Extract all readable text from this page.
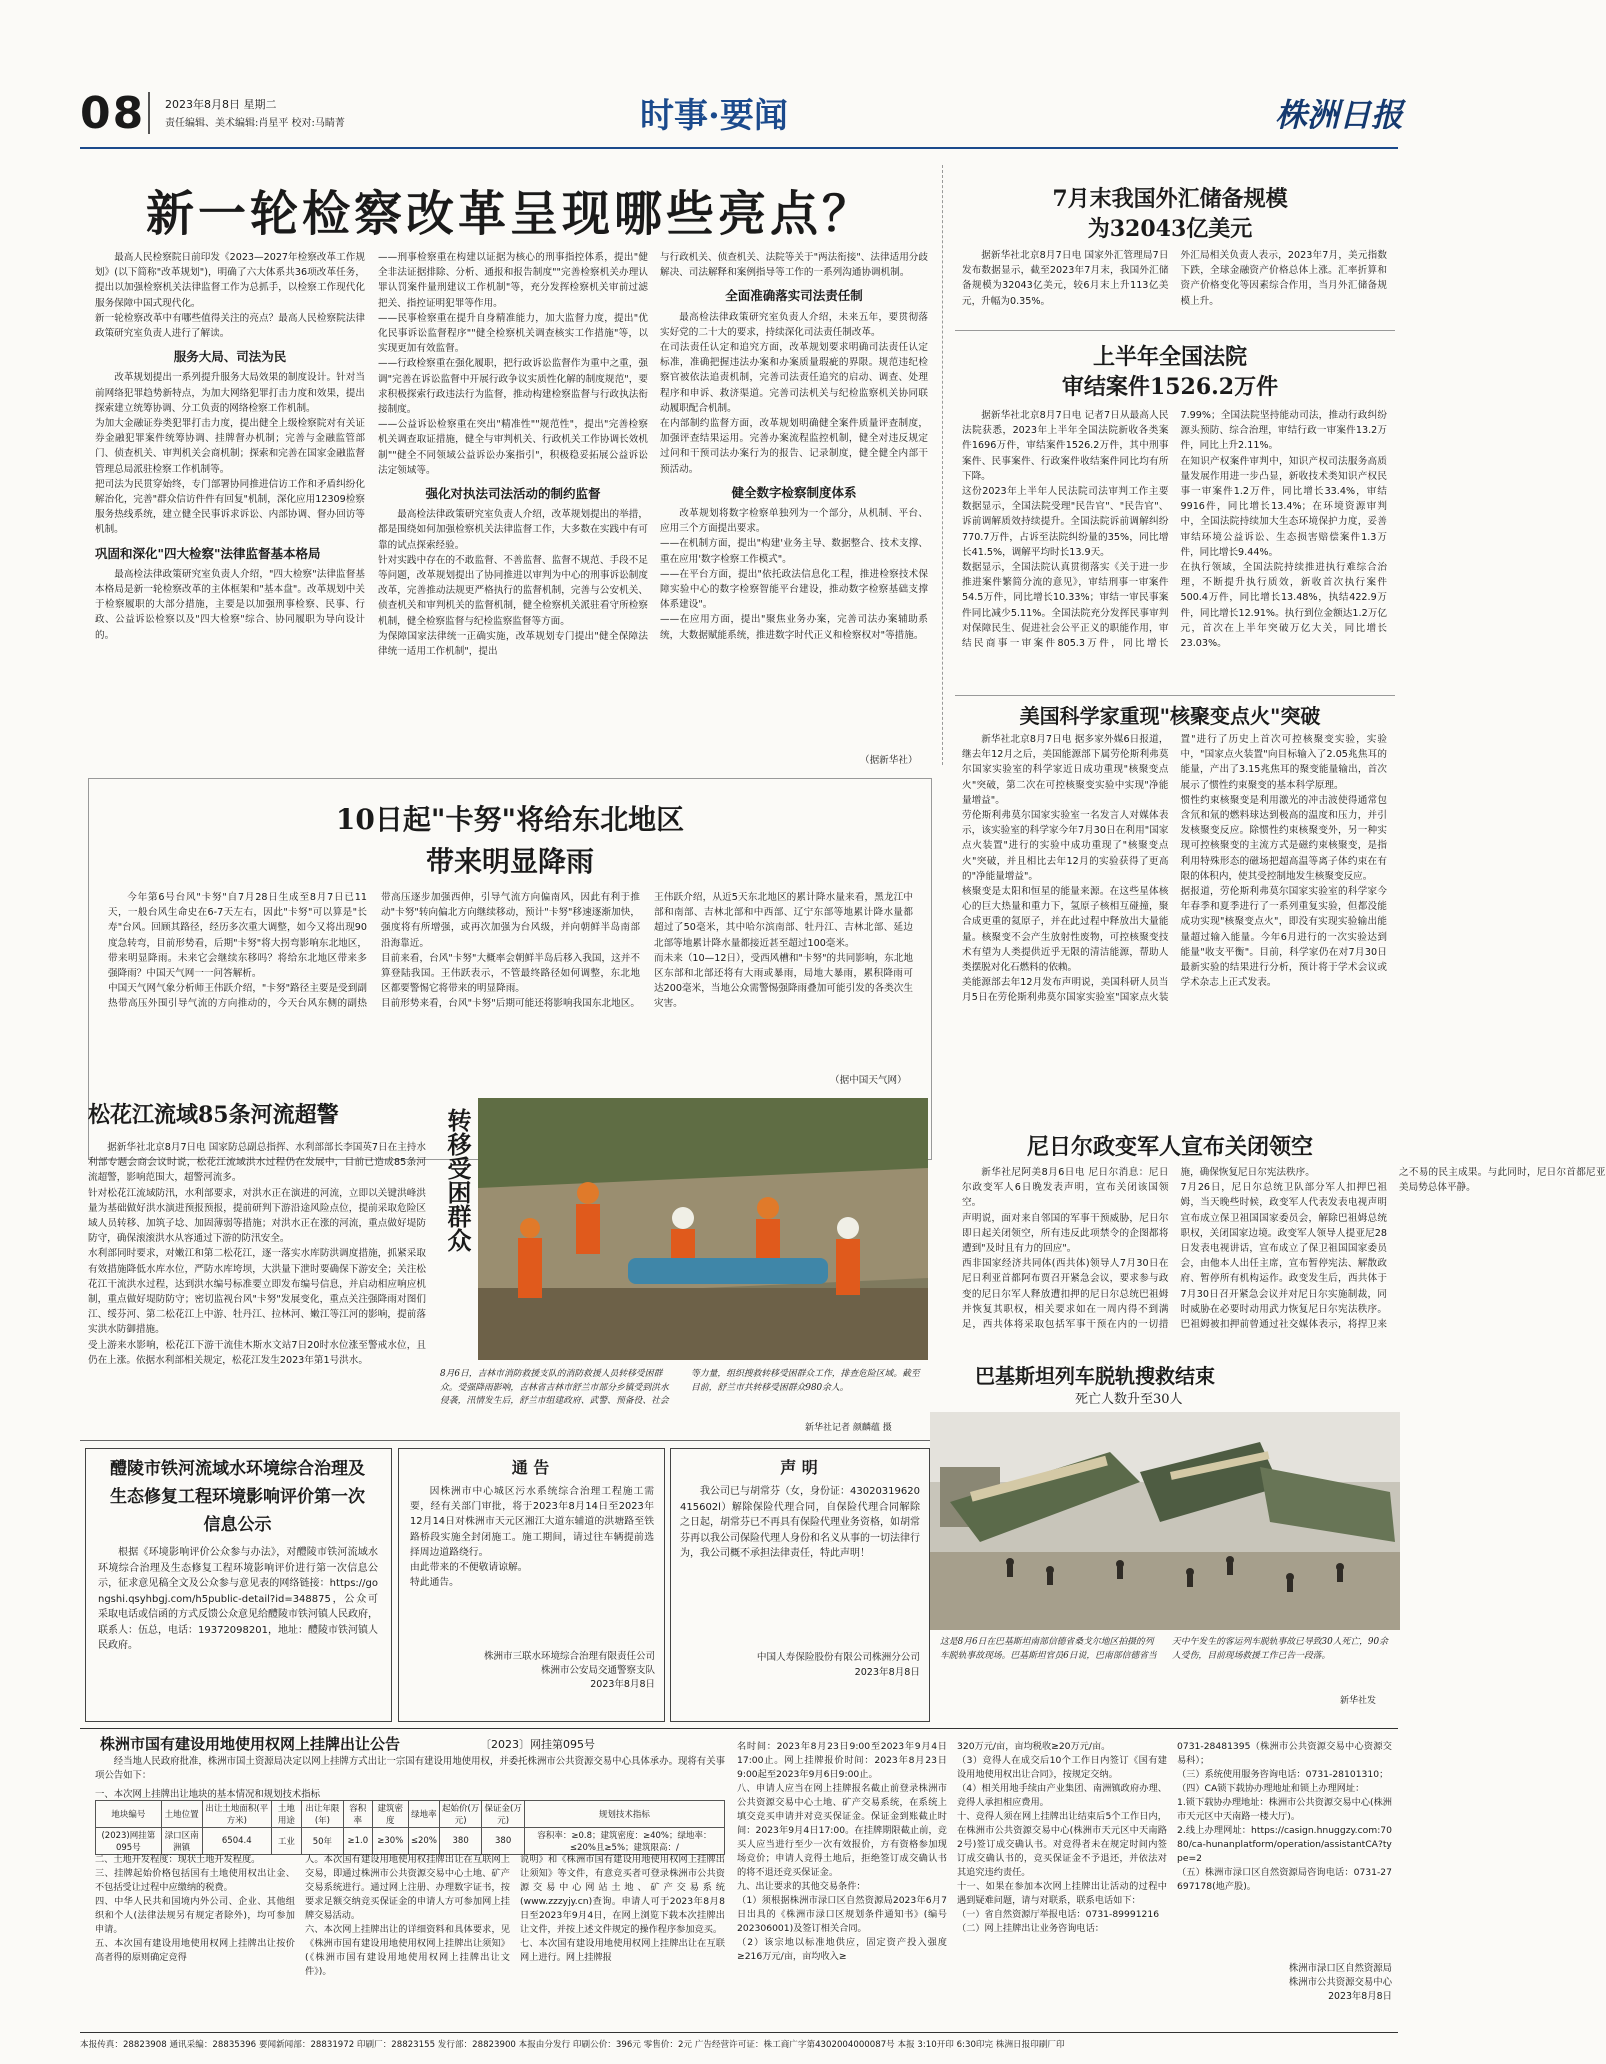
08 2023年8月8日 星期二
责任编辑、美术编辑:肖星平 校对:马睛菁	时事·要闻	株洲日报
新一轮检察改革呈现哪些亮点？
最高人民检察院日前印发《2023—2027年检察改革工作规划》(以下简称"改革规划")，明确了六大体系共36项改革任务，提出以加强检察机关法律监督工作为总抓手，以检察工作现代化服务保障中国式现代化。
新一轮检察改革中有哪些值得关注的亮点？最高人民检察院法律政策研究室负责人进行了解读。
服务大局、司法为民
改革规划提出一系列提升服务大局效果的制度设计。针对当前网络犯罪趋势新特点，为加大网络犯罪打击力度和效果，提出探索建立统筹协调、分工负责的网络检察工作机制。
为加大金融证券类犯罪打击力度，提出健全上级检察院对有关证券金融犯罪案件统筹协调、挂牌督办机制；完善与金融监管部门、侦查机关、审判机关会商机制；探索和完善在国家金融监督管理总局派驻检察工作机制等。
把司法为民贯穿始终，专门部署协同推进信访工作和矛盾纠纷化解治化，完善"群众信访件件有回复"机制，深化应用12309检察服务热线系统，建立健全民事诉求诉讼、内部协调、督办回访等机制。
巩固和深化"四大检察"法律监督基本格局
最高检法律政策研究室负责人介绍，"四大检察"法律监督基本格局是新一轮检察改革的主体框架和"基本盘"。改革规划中关于检察履职的大部分措施，主要是以加强刑事检察、民事、行政、公益诉讼检察以及"四大检察"综合、协同履职为导向设计的。
——刑事检察重在构建以证据为核心的刑事指控体系，提出"健全非法证据排除、分析、通报和报告制度""完善检察机关办理认罪认罚案件量刑建议工作机制"等，充分发挥检察机关审前过滤把关、指控证明犯罪等作用。
——民事检察重在提升自身精准能力，加大监督力度，提出"优化民事诉讼监督程序""健全检察机关调查核实工作措施"等，以实现更加有效监督。
——行政检察重在强化履职，把行政诉讼监督作为重中之重，强调"完善在诉讼监督中开展行政争议实质性化解的制度规范"，要求积极探索行政违法行为监督，推动构建检察监督与行政执法衔接制度。
——公益诉讼检察重在突出"精准性""规范性"，提出"完善检察机关调查取证措施，健全与审判机关、行政机关工作协调长效机制""健全不同领域公益诉讼办案指引"，积极稳妥拓展公益诉讼法定领域等。
强化对执法司法活动的制约监督
最高检法律政策研究室负责人介绍，改革规划提出的举措，都是围绕如何加强检察机关法律监督工作，大多数在实践中有可靠的试点探索经验。
针对实践中存在的不敢监督、不善监督、监督不规范、手段不足等问题，改革规划提出了协同推进以审判为中心的刑事诉讼制度改革，完善推动法规更严格执行的监督机制，完善与公安机关、侦查机关和审判机关的监督机制，健全检察机关派驻看守所检察机制，健全检察监督与纪检监察监督等方面。
为保障国家法律统一正确实施，改革规划专门提出"健全保障法律统一适用工作机制"，提出
与行政机关、侦查机关、法院等关于"两法衔接"、法律适用分歧解决、司法解释和案例指导等工作的一系列沟通协调机制。
全面准确落实司法责任制
最高检法律政策研究室负责人介绍，未来五年，要贯彻落实好党的二十大的要求，持续深化司法责任制改革。
在司法责任认定和追究方面，改革规划要求明确司法责任认定标准，准确把握违法办案和办案质量瑕疵的界限。规范违纪检察官被依法追责机制，完善司法责任追究的启动、调查、处理程序和申诉、救济渠道。完善司法机关与纪检监察机关协同联动履职配合机制。
在内部制约监督方面，改革规划明确健全案件质量评查制度，加强评查结果运用。完善办案流程监控机制，健全对违反规定过问和干预司法办案行为的报告、记录制度，健全健全内部干预活动。
健全数字检察制度体系
改革规划将数字检察单独列为一个部分，从机制、平台、应用三个方面提出要求。
——在机制方面，提出"构建'业务主导、数据整合、技术支撑、重在应用'数字检察工作模式"。
——在平台方面，提出"依托政法信息化工程，推进检察技术保障实验中心的数字检察智能平台建设，推动数字检察基础支撑体系建设"。
——在应用方面，提出"聚焦业务办案，完善司法办案辅助系统，大数据赋能系统，推进数字时代正义和检察权对"等措施。
（据新华社）
7月末我国外汇储备规模
为32043亿美元
据新华社北京8月7日电 国家外汇管理局7日发布数据显示，截至2023年7月末，我国外汇储备规模为32043亿美元，较6月末上升113亿美元，升幅为0.35%。
外汇局相关负责人表示，2023年7月，美元指数下跌，全球金融资产价格总体上涨。汇率折算和资产价格变化等因素综合作用，当月外汇储备规模上升。
上半年全国法院
审结案件1526.2万件
据新华社北京8月7日电 记者7日从最高人民法院获悉，2023年上半年全国法院新收各类案件1696万件，审结案件1526.2万件，其中刑事案件、民事案件、行政案件收结案件同比均有所下降。
这份2023年上半年人民法院司法审判工作主要数据显示，全国法院受理"民告官"、"民告官"、诉前调解质效持续提升。全国法院诉前调解纠纷770.7万件，占诉至法院纠纷量的35%，同比增长41.5%，调解平均时长13.9天。
数据显示，全国法院认真贯彻落实《关于进一步推进案件繁简分流的意见》，审结刑事一审案件54.5万件，同比增长10.33%；审结一审民事案件同比减少5.11%。全国法院充分发挥民事审判对保障民生、促进社会公平正义的职能作用，审结民商事一审案件805.3万件，同比增长7.99%；全国法院坚持能动司法，推动行政纠纷源头预防、综合治理，审结行政一审案件13.2万件，同比上升2.11%。
在知识产权案件审判中，知识产权司法服务高质量发展作用进一步凸显，新收技术类知识产权民事一审案件1.2万件，同比增长33.4%，审结9916件，同比增长13.4%；在环境资源审判中，全国法院持续加大生态环境保护力度，妥善审结环境公益诉讼、生态损害赔偿案件1.3万件，同比增长9.44%。
在执行领域，全国法院持续推进执行难综合治理，不断提升执行质效，新收首次执行案件500.4万件，同比增长13.48%，执结422.9万件，同比增长12.91%。执行到位金额达1.2万亿元，首次在上半年突破万亿大关，同比增长23.03%。
美国科学家重现"核聚变点火"突破
新华社北京8月7日电 据多家外媒6日报道，继去年12月之后，美国能源部下属劳伦斯利弗莫尔国家实验室的科学家近日成功重现"核聚变点火"突破，第二次在可控核聚变实验中实现"净能量增益"。
劳伦斯利弗莫尔国家实验室一名发言人对媒体表示，该实验室的科学家今年7月30日在利用"国家点火装置"进行的实验中成功重现了"核聚变点火"突破，并且相比去年12月的实验获得了更高的"净能量增益"。
核聚变是太阳和恒星的能量来源。在这些星体核心的巨大热量和重力下，氢原子核相互碰撞，聚合成更重的氦原子，并在此过程中释放出大量能量。核聚变不会产生放射性废物，可控核聚变技术有望为人类提供近乎无限的清洁能源，帮助人类摆脱对化石燃料的依赖。
美能源部去年12月发布声明说，美国科研人员当月5日在劳伦斯利弗莫尔国家实验室"国家点火装置"进行了历史上首次可控核聚变实验，实验中，"国家点火装置"向目标输入了2.05兆焦耳的能量，产出了3.15兆焦耳的聚变能量输出，首次展示了惯性约束聚变的基本科学原理。
惯性约束核聚变是利用激光的冲击波使得通常包含氘和氚的燃料球达到极高的温度和压力，并引发核聚变反应。除惯性约束核聚变外，另一种实现可控核聚变的主流方式是磁约束核聚变，是指利用特殊形态的磁场把超高温等离子体约束在有限的体积内，使其受控制地发生核聚变反应。
据报道，劳伦斯利弗莫尔国家实验室的科学家今年春季和夏季进行了一系列重复实验，但都没能成功实现"核聚变点火"，即没有实现实验输出能量超过输入能量。今年6月进行的一次实验达到能量"收支平衡"。目前，科学家仍在对7月30日最新实验的结果进行分析，预计将于学术会议或学术杂志上正式发表。
尼日尔政变军人宣布关闭领空
新华社尼阿美8月6日电 尼日尔消息：尼日尔政变军人6日晚发表声明，宣布关闭该国领空。
声明说，面对来自邻国的军事干预威胁，尼日尔即日起关闭领空，所有违反此项禁令的企图都将遭到"及时且有力的回应"。
西非国家经济共同体(西共体)领导人7月30日在尼日利亚首都阿布贾召开紧急会议，要求参与政变的尼日尔军人释放遭扣押的尼日尔总统巴祖姆并恢复其职权，相关要求如在一周内得不到满足，西共体将采取包括军事干预在内的一切措施，确保恢复尼日尔宪法秩序。
7月26日，尼日尔总统卫队部分军人扣押巴祖姆，当天晚些时候，政变军人代表发表电视声明宣布成立保卫祖国国家委员会，解除巴祖姆总统职权，关闭国家边境。政变军人领导人提亚尼28日发表电视讲话，宣布成立了保卫祖国国家委员会，由他本人出任主席，宣布暂停宪法、解散政府、暂停所有机构运作。政变发生后，西共体于7月30日召开紧急会议并对尼日尔实施制裁，同时威胁在必要时动用武力恢复尼日尔宪法秩序。巴祖姆被扣押前曾通过社交媒体表示，将捍卫来之不易的民主成果。与此同时，尼日尔首都尼亚美局势总体平静。
巴基斯坦列车脱轨搜救结束
死亡人数升至30人
这是8月6日在巴基斯坦南部信德省桑戈尔地区拍摄的列车脱轨事故现场。巴基斯坦官员6日说，巴南部信德省当天中午发生的客运列车脱轨事故已导致30人死亡，90余人受伤，目前现场救援工作已告一段落。
新华社发
10日起"卡努"将给东北地区
带来明显降雨
今年第6号台风"卡努"自7月28日生成至8月7日已11天，一般台风生命史在6-7天左右，因此"卡努"可以算是"长寿"台风。回顾其路径，经历多次重大调整，如今又将出现90度急转弯，目前形势看，后期"卡努"将大拐弯影响东北地区，带来明显降雨。未来它会继续东移吗？将给东北地区带来多强降雨？中国天气网一一问答解析。
中国天气网气象分析师王伟跃介绍，"卡努"路径主要是受到副热带高压外围引导气流的方向推动的，今天台风东侧的副热带高压逐步加强西伸，引导气流方向偏南风，因此有利于推动"卡努"转向偏北方向继续移动，预计"卡努"移速逐渐加快，强度将有所增强，或再次加强为台风级，并向朝鲜半岛南部沿海靠近。
目前来看，台风"卡努"大概率会朝鲜半岛后移入我国，这并不算登陆我国。王伟跃表示，不管最终路径如何调整，东北地区都要警惕它将带来的明显降雨。
目前形势来看，台风"卡努"后期可能还将影响我国东北地区。王伟跃介绍，从近5天东北地区的累计降水量来看，黑龙江中部和南部、吉林北部和中西部、辽宁东部等地累计降水量都超过了50毫米，其中哈尔滨南部、牡丹江、吉林北部、延边北部等地累计降水量都接近甚至超过100毫米。
而未来（10—12日），受西风槽和"卡努"的共同影响，东北地区东部和北部还将有大雨或暴雨，局地大暴雨，累积降雨可达200毫米，当地公众需警惕强降雨叠加可能引发的各类次生灾害。
（据中国天气网）
松花江流域85条河流超警
据新华社北京8月7日电 国家防总副总指挥、水利部部长李国英7日在主持水利部专题会商会议时说，松花江流域洪水过程仍在发展中，目前已造成85条河流超警，影响范围大，超警河流多。
针对松花江流域防汛，水利部要求，对洪水正在演进的河流，立即以关键洪峰洪量为基础做好洪水演进预报预报，提前研判下游沿途风险点位，提前采取危险区域人员转移、加筑子埝、加固薄弱等措施；对洪水正在涨的河流，重点做好堤防防守，确保滚滚洪水从容通过下游的防汛安全。
水利部同时要求，对嫩江和第二松花江，逐一落实水库防洪调度措施，抓紧采取有效措施降低水库水位，严防水库垮坝，大洪量下泄时要确保下游安全；关注松花江干流洪水过程，达到洪水编号标准要立即发布编号信息，并启动相应响应机制，重点做好堤防防守；密切监视台风"卡努"发展变化，重点关注强降雨对图们江、绥芬河、第二松花江上中游、牡丹江、拉林河、嫩江等江河的影响，提前落实洪水防御措施。
受上游来水影响，松花江下游干流佳木斯水文站7日20时水位涨至警戒水位，且仍在上涨。依据水利部相关规定，松花江发生2023年第1号洪水。
转移受困群众
8月6日，吉林市消防救援支队的消防救援人员转移受困群众。受强降雨影响，吉林省吉林市舒兰市部分乡镇受到洪水侵袭，汛情发生后，舒兰市组建政府、武警、预备役、社会等力量，组织搜救转移受困群众工作，排查危险区域。截至目前，舒兰市共转移受困群众980余人。
新华社记者 颜麟蕴 摄
醴陵市铁河流域水环境综合治理及生态修复工程环境影响评价第一次信息公示
根据《环境影响评价公众参与办法》，对醴陵市铁河流域水环境综合治理及生态修复工程环境影响评价进行第一次信息公示，征求意见稿全文及公众参与意见表的网络链接：https://gongshi.qsyhbgj.com/h5public-detail?id=348875，公众可采取电话或信函的方式反馈公众意见给醴陵市铁河镇人民政府，联系人：伍总，电话：19372098201，地址：醴陵市铁河镇人民政府。
通 告
因株洲市中心城区污水系统综合治理工程施工需要，经有关部门审批，将于2023年8月14日至2023年12月14日对株洲市天元区湘江大道东辅道的洪塘路至铁路桥段实施全封闭施工。施工期间，请过往车辆提前选择周边道路绕行。
由此带来的不便敬请谅解。
特此通告。
株洲市三联水环境综合治理有限责任公司
株洲市公安局交通警察支队
2023年8月8日
声 明
我公司已与胡常芬（女，身份证：43020319620415602l）解除保险代理合同，自保险代理合同解除之日起，胡常芬已不再具有保险代理业务资格，如胡常芬再以我公司保险代理人身份和名义从事的一切法律行为，我公司概不承担法律责任，特此声明！
中国人寿保险股份有限公司株洲分公司
2023年8月8日
株洲市国有建设用地使用权网上挂牌出让公告	〔2023〕网挂第095号
经当地人民政府批准，株洲市国土资源局决定以网上挂牌方式出让一宗国有建设用地使用权，并委托株洲市公共资源交易中心具体承办。现将有关事项公告如下：
一、本次网上挂牌出让地块的基本情况和规划技术指标
地块编号	土地位置	出让土地面积(平方米)	土地用途	出让年限(年)	容积率	建筑密度	绿地率	起始价(万元)	保证金(万元)	规划技术指标
(2023)网挂第095号	渌口区南洲镇	6504.4	工业	50年	≥1.0	≥30%	≤20%	380	380	容积率：≥0.8；建筑密度：≥40%；绿地率：≤20%且≥5%；建筑限高：/
二、土地开发程度：现状土地开发程度。
三、挂牌起始价格包括国有土地使用权出让金、不包括受让过程中应缴纳的税费。
四、中华人民共和国境内外公司、企业、其他组织和个人(法律法规另有规定者除外)，均可参加申请。
五、本次国有建设用地使用权网上挂牌出让按价高者得的原则确定竞得
人。本次国有建设用地使用权挂牌出让在互联网上交易，即通过株洲市公共资源交易中心土地、矿产交易系统进行。通过网上注册、办理数字证书，按要求足额交纳竞买保证金的申请人方可参加网上挂牌交易活动。
六、本次网上挂牌出让的详细资料和具体要求，见《株洲市国有建设用地使用权网上挂牌出让须知》(《株洲市国有建设用地使用权网上挂牌出让文件》)。
说明》和《株洲市国有建设用地使用权网上挂牌出让须知》等文件，有意竞买者可登录株洲市公共资源交易中心网站土地、矿产交易系统(www.zzzyjy.cn)查询。申请人可于2023年8月8日至2023年9月4日，在网上浏览下载本次挂牌出让文件，并按上述文件规定的操作程序参加竞买。
七、本次国有建设用地使用权网上挂牌出让在互联网上进行。网上挂牌报
名时间：2023年8月23日9:00至2023年9月4日17:00止。网上挂牌报价时间：2023年8月23日9:00起至2023年9月6日9:00止。
八、申请人应当在网上挂牌报名截止前登录株洲市公共资源交易中心土地、矿产交易系统，在系统上填交竞买申请并对竞买保证金。保证金到账截止时间：2023年9月4日17:00。在挂牌期限截止前，竞买人应当进行至少一次有效报价，方有资格参加现场竞价；申请人竞得土地后，拒绝签订成交确认书的将不退还竞买保证金。
九、出让要求的其他交易条件：
（1）须根据株洲市渌口区自然资源局2023年6月7日出具的《株洲市渌口区规划条件通知书》(编号202306001)及签订相关合同。
（2）该宗地以标准地供应，固定资产投入强度≥216万元/亩，亩均收入≥
320万元/亩，亩均税收≥20万元/亩。
（3）竞得人在成交后10个工作日内签订《国有建设用地使用权出让合同》，按规定交纳。
（4）相关用地手续由产业集团、南洲镇政府办理、竞得人承担相应费用。
十、竞得人须在网上挂牌出让结束后5个工作日内，在株洲市公共资源交易中心(株洲市天元区中天南路2号)签订成交确认书。对竞得者未在规定时间内签订成交确认书的，竞买保证金不予退还，并依法对其追究违约责任。
十一、如果在参加本次网上挂牌出让活动的过程中遇到疑难问题，请与对联系，联系电话如下：
（一）省自然资源厅举报电话：0731-89991216
（二）网上挂牌出让业务咨询电话：
0731-28481395（株洲市公共资源交易中心资源交易科）；
（三）系统使用服务咨询电话：0731-28101310；
（四）CA锁下载协办理地址和锁上办理网址：
1.锁下载协办理地址：株洲市公共资源交易中心(株洲市天元区中天南路一楼大厅)。
2.线上办理网址：https://casign.hnuggzy.com:7080/ca-hunanplatform/operation/assistantCA?type=2
（五）株洲市渌口区自然资源局咨询电话：0731-27697178(地产股)。
株洲市渌口区自然资源局
株洲市公共资源交易中心
2023年8月8日
本报传真：28823908 通讯采编：28835396 要闻新闻部：28831972 印刷厂：28823155 发行部：28823900 本报由分发行 印刷公价：396元 零售价：2元 广告经营许可证：株工商广字第4302004000087号 本报 3:10开印 6:30印完 株洲日报印刷厂印
